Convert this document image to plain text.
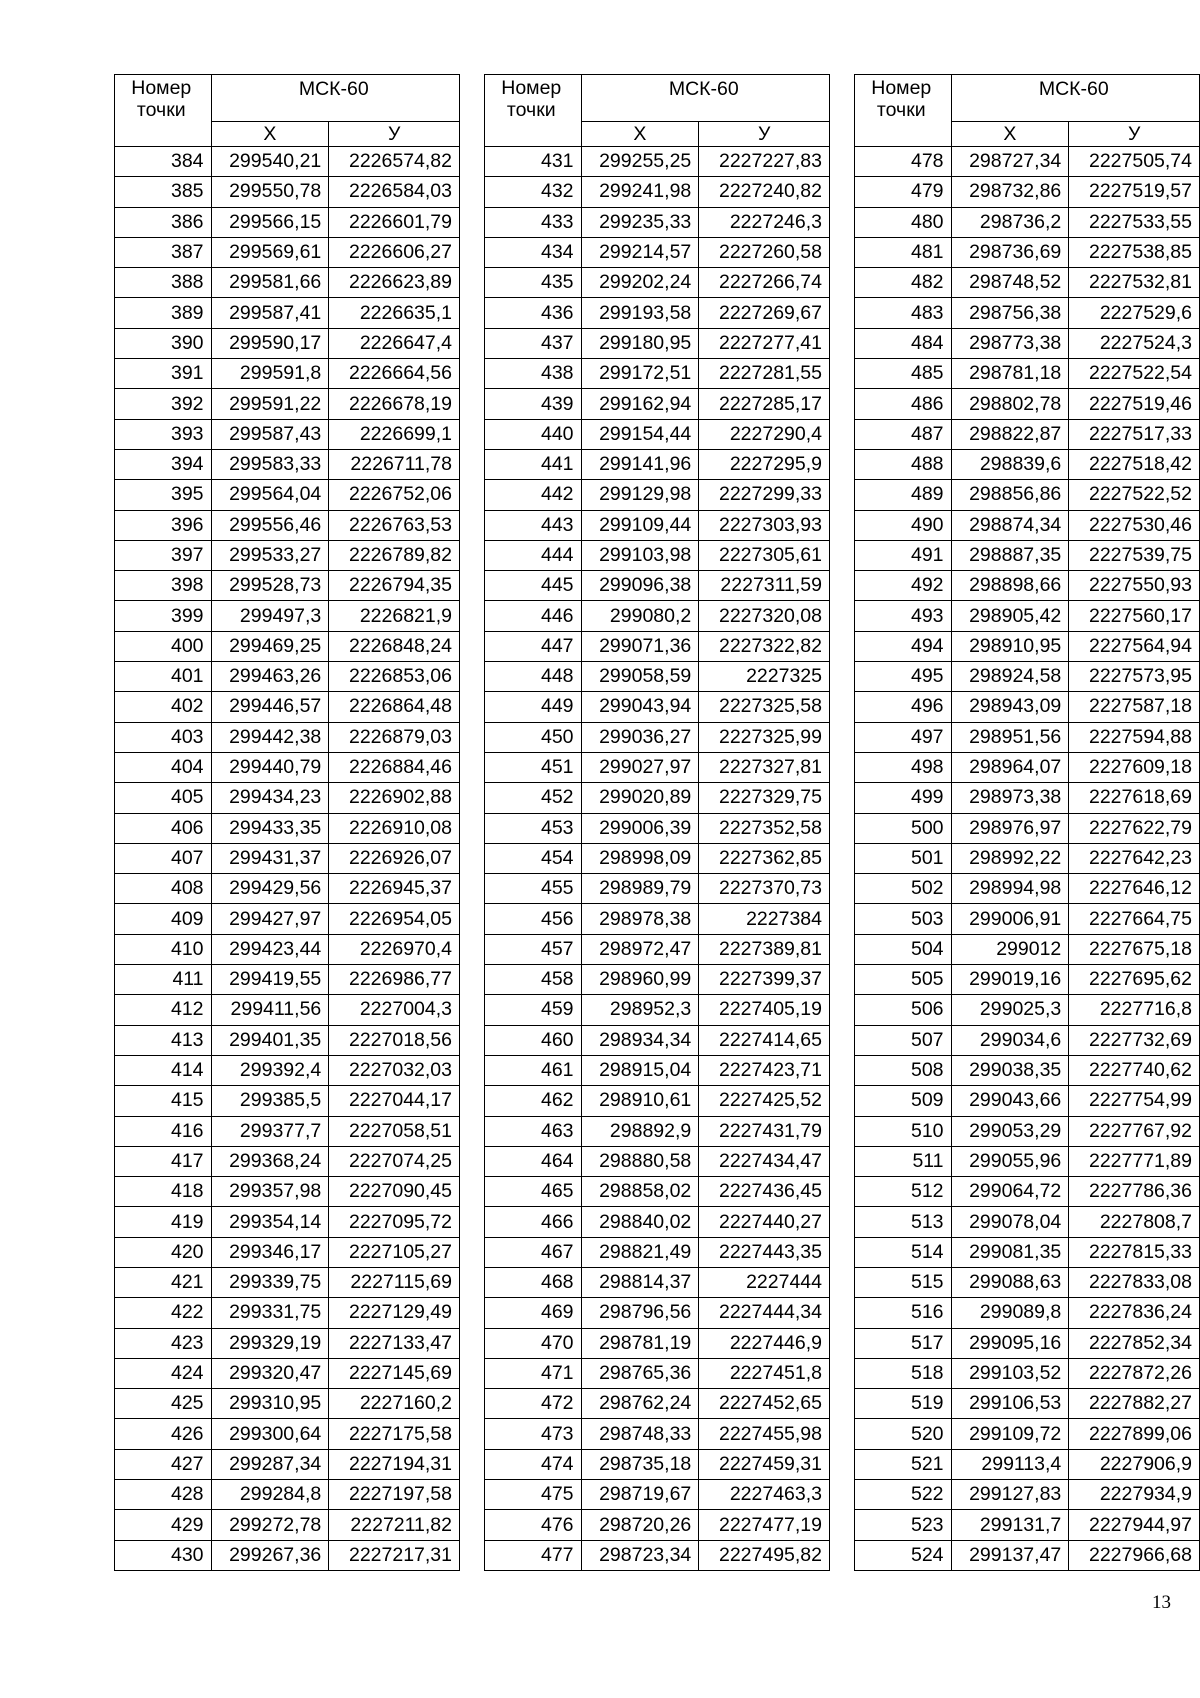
Номер
точки	МСК-60	
	Х	У
384	299540,21	2226574,82
385	299550,78	2226584,03
386	299566,15	2226601,79
387	299569,61	2226606,27
388	299581,66	2226623,89
389	299587,41	2226635,1
390	299590,17	2226647,4
391	299591,8	2226664,56
392	299591,22	2226678,19
393	299587,43	2226699,1
394	299583,33	2226711,78
395	299564,04	2226752,06
396	299556,46	2226763,53
397	299533,27	2226789,82
398	299528,73	2226794,35
399	299497,3	2226821,9
400	299469,25	2226848,24
401	299463,26	2226853,06
402	299446,57	2226864,48
403	299442,38	2226879,03
404	299440,79	2226884,46
405	299434,23	2226902,88
406	299433,35	2226910,08
407	299431,37	2226926,07
408	299429,56	2226945,37
409	299427,97	2226954,05
410	299423,44	2226970,4
411	299419,55	2226986,77
412	299411,56	2227004,3
413	299401,35	2227018,56
414	299392,4	2227032,03
415	299385,5	2227044,17
416	299377,7	2227058,51
417	299368,24	2227074,25
418	299357,98	2227090,45
419	299354,14	2227095,72
420	299346,17	2227105,27
421	299339,75	2227115,69
422	299331,75	2227129,49
423	299329,19	2227133,47
424	299320,47	2227145,69
425	299310,95	2227160,2
426	299300,64	2227175,58
427	299287,34	2227194,31
428	299284,8	2227197,58
429	299272,78	2227211,82
430	299267,36	2227217,31
Номер
точки	МСК-60	
	Х	У
431	299255,25	2227227,83
432	299241,98	2227240,82
433	299235,33	2227246,3
434	299214,57	2227260,58
435	299202,24	2227266,74
436	299193,58	2227269,67
437	299180,95	2227277,41
438	299172,51	2227281,55
439	299162,94	2227285,17
440	299154,44	2227290,4
441	299141,96	2227295,9
442	299129,98	2227299,33
443	299109,44	2227303,93
444	299103,98	2227305,61
445	299096,38	2227311,59
446	299080,2	2227320,08
447	299071,36	2227322,82
448	299058,59	2227325
449	299043,94	2227325,58
450	299036,27	2227325,99
451	299027,97	2227327,81
452	299020,89	2227329,75
453	299006,39	2227352,58
454	298998,09	2227362,85
455	298989,79	2227370,73
456	298978,38	2227384
457	298972,47	2227389,81
458	298960,99	2227399,37
459	298952,3	2227405,19
460	298934,34	2227414,65
461	298915,04	2227423,71
462	298910,61	2227425,52
463	298892,9	2227431,79
464	298880,58	2227434,47
465	298858,02	2227436,45
466	298840,02	2227440,27
467	298821,49	2227443,35
468	298814,37	2227444
469	298796,56	2227444,34
470	298781,19	2227446,9
471	298765,36	2227451,8
472	298762,24	2227452,65
473	298748,33	2227455,98
474	298735,18	2227459,31
475	298719,67	2227463,3
476	298720,26	2227477,19
477	298723,34	2227495,82
Номер
точки	МСК-60	
	Х	У
478	298727,34	2227505,74
479	298732,86	2227519,57
480	298736,2	2227533,55
481	298736,69	2227538,85
482	298748,52	2227532,81
483	298756,38	2227529,6
484	298773,38	2227524,3
485	298781,18	2227522,54
486	298802,78	2227519,46
487	298822,87	2227517,33
488	298839,6	2227518,42
489	298856,86	2227522,52
490	298874,34	2227530,46
491	298887,35	2227539,75
492	298898,66	2227550,93
493	298905,42	2227560,17
494	298910,95	2227564,94
495	298924,58	2227573,95
496	298943,09	2227587,18
497	298951,56	2227594,88
498	298964,07	2227609,18
499	298973,38	2227618,69
500	298976,97	2227622,79
501	298992,22	2227642,23
502	298994,98	2227646,12
503	299006,91	2227664,75
504	299012	2227675,18
505	299019,16	2227695,62
506	299025,3	2227716,8
507	299034,6	2227732,69
508	299038,35	2227740,62
509	299043,66	2227754,99
510	299053,29	2227767,92
511	299055,96	2227771,89
512	299064,72	2227786,36
513	299078,04	2227808,7
514	299081,35	2227815,33
515	299088,63	2227833,08
516	299089,8	2227836,24
517	299095,16	2227852,34
518	299103,52	2227872,26
519	299106,53	2227882,27
520	299109,72	2227899,06
521	299113,4	2227906,9
522	299127,83	2227934,9
523	299131,7	2227944,97
524	299137,47	2227966,68
13
